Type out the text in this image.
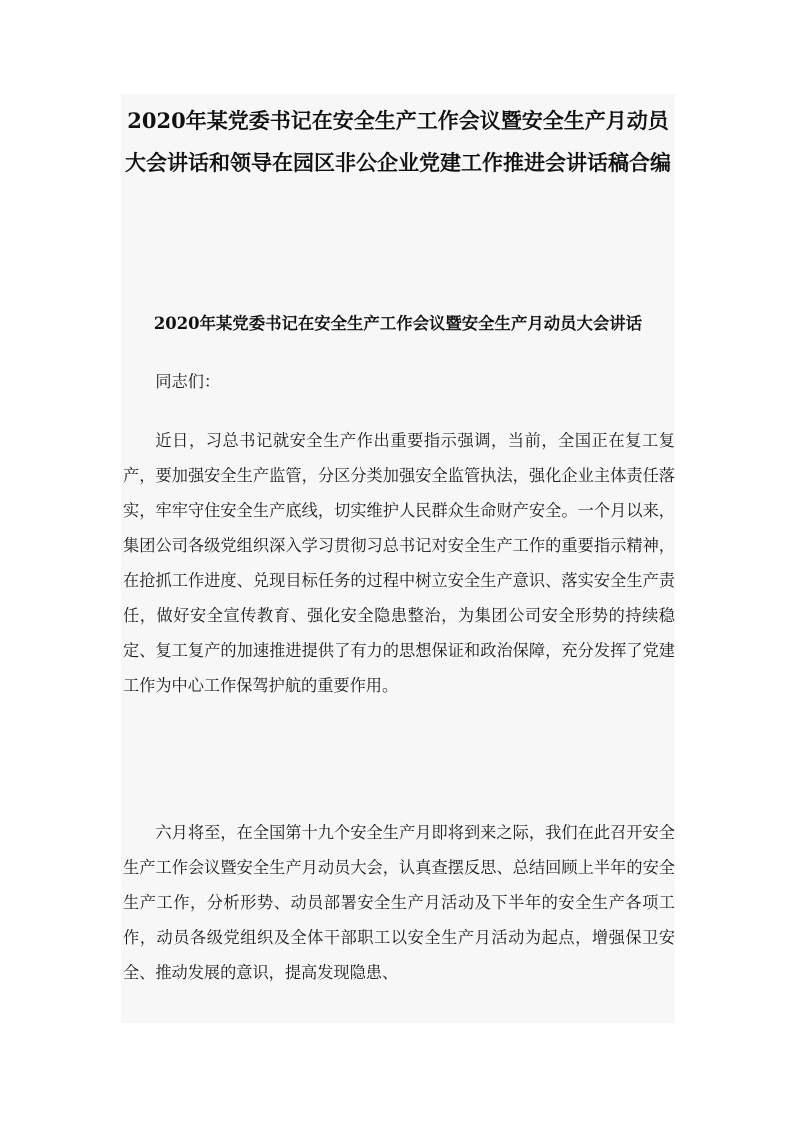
2020年某党委书记在安全生产工作会议暨安全生产月动员大会讲话和领导在园区非公企业党建工作推进会讲话稿合编
2020年某党委书记在安全生产工作会议暨安全生产月动员大会讲话

同志们：

近日，习总书记就安全生产作出重要指示强调，当前，全国正在复工复产，要加强安全生产监管，分区分类加强安全监管执法，强化企业主体责任落实，牢牢守住安全生产底线，切实维护人民群众生命财产安全。一个月以来，集团公司各级党组织深入学习贯彻习总书记对安全生产工作的重要指示精神，在抢抓工作进度、兑现目标任务的过程中树立安全生产意识、落实安全生产责任，做好安全宣传教育、强化安全隐患整治，为集团公司安全形势的持续稳定、复工复产的加速推进提供了有力的思想保证和政治保障，充分发挥了党建工作为中心工作保驾护航的重要作用。

六月将至，在全国第十九个安全生产月即将到来之际，我们在此召开安全生产工作会议暨安全生产月动员大会，认真查摆反思、总结回顾上半年的安全生产工作，分析形势、动员部署安全生产月活动及下半年的安全生产各项工作，动员各级党组织及全体干部职工以安全生产月活动为起点，增强保卫安全、推动发展的意识，提高发现隐患、
